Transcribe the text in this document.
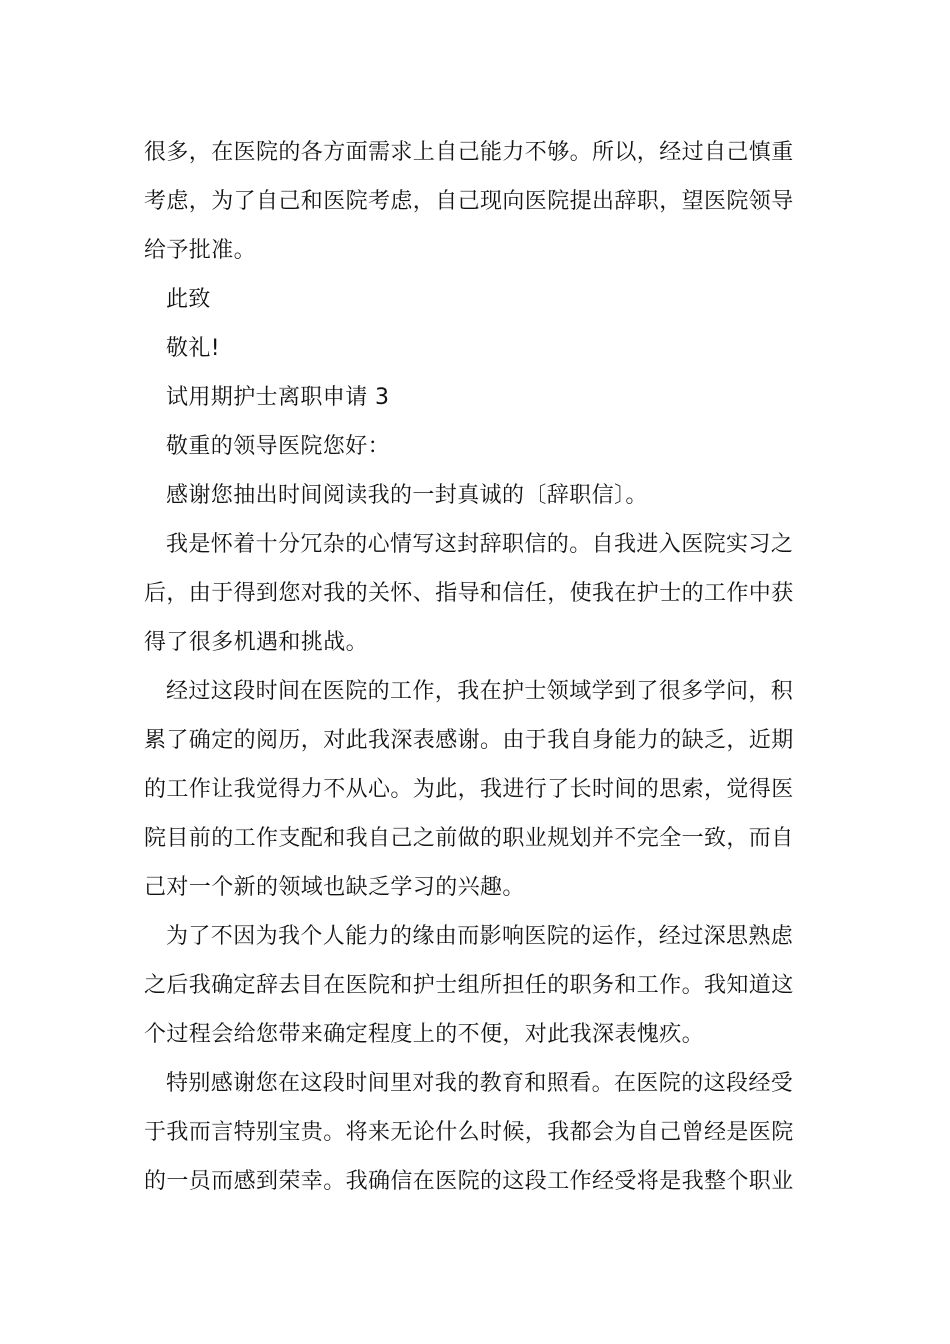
很多，在医院的各方面需求上自己能力不够。所以，经过自己慎重考虑，为了自己和医院考虑，自己现向医院提出辞职，望医院领导给予批准。

此致

敬礼!

试用期护士离职申请 3

敬重的领导医院您好：

感谢您抽出时间阅读我的一封真诚的〔辞职信〕。

我是怀着十分冗杂的心情写这封辞职信的。自我进入医院实习之后，由于得到您对我的关怀、指导和信任，使我在护士的工作中获得了很多机遇和挑战。

经过这段时间在医院的工作，我在护士领域学到了很多学问，积累了确定的阅历，对此我深表感谢。由于我自身能力的缺乏，近期的工作让我觉得力不从心。为此，我进行了长时间的思索，觉得医院目前的工作支配和我自己之前做的职业规划并不完全一致，而自己对一个新的领域也缺乏学习的兴趣。

为了不因为我个人能力的缘由而影响医院的运作，经过深思熟虑之后我确定辞去目在医院和护士组所担任的职务和工作。我知道这个过程会给您带来确定程度上的不便，对此我深表愧疚。

特别感谢您在这段时间里对我的教育和照看。在医院的这段经受于我而言特别宝贵。将来无论什么时候，我都会为自己曾经是医院的一员而感到荣幸。我确信在医院的这段工作经受将是我整个职业
